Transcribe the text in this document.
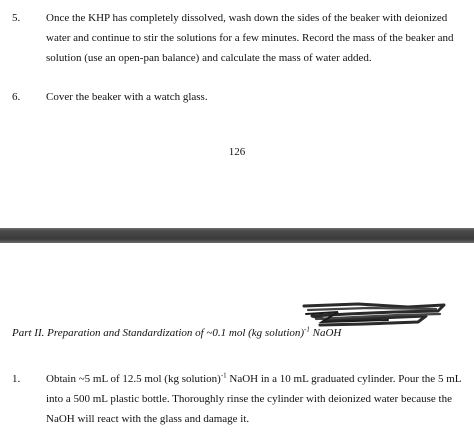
5. Once the KHP has completely dissolved, wash down the sides of the beaker with deionized water and continue to stir the solutions for a few minutes. Record the mass of the beaker and solution (use an open-pan balance) and calculate the mass of water added.

6. Cover the beaker with a watch glass.

126

Part II. Preparation and Standardization of ~0.1 mol (kg solution)$^{-1}$ NaOH

1. Obtain ~5 mL of 12.5 mol (kg solution)$^{-1}$ NaOH in a 10 mL graduated cylinder. Pour the 5 mL into a 500 mL plastic bottle. Thoroughly rinse the cylinder with deionized water because the NaOH will react with the glass and damage it.
